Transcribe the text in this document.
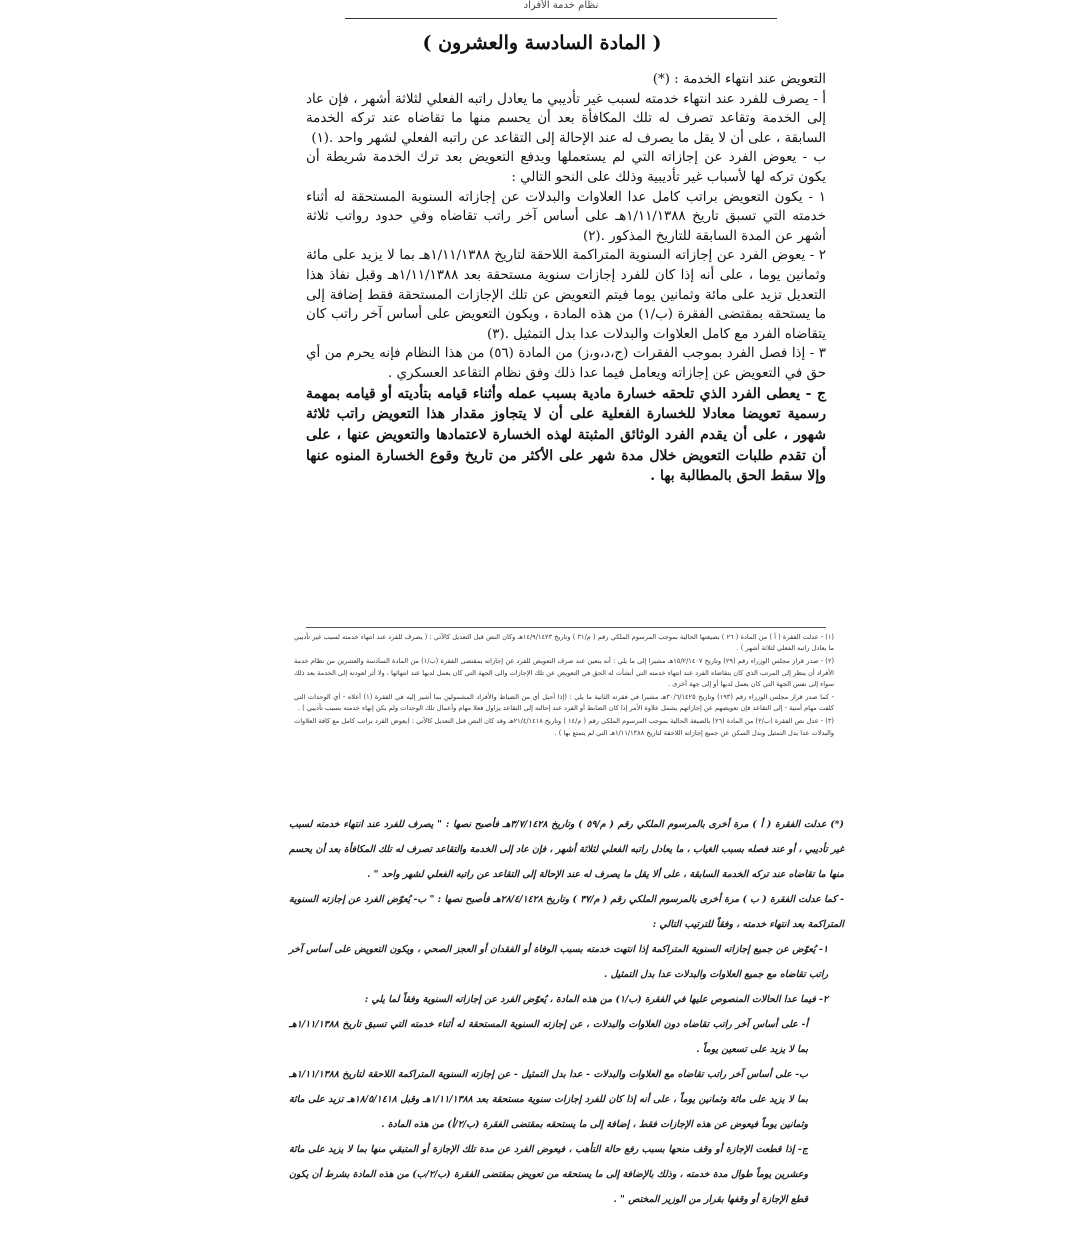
نظام خدمة الأفراد
( المادة السادسة والعشرون )

التعويض عند انتهاء الخدمة : (*)

أ - يصرف للفرد عند انتهاء خدمته لسبب غير تأديبي ما يعادل راتبه الفعلي لثلاثة أشهر ، فإن عاد إلى الخدمة وتقاعد تصرف له تلك المكافأة بعد أن يحسم منها ما تقاضاه عند تركه الخدمة السابقة ، على أن لا يقل ما يصرف له عند الإحالة إلى التقاعد عن راتبه الفعلي لشهر واحد .(١)

ب - يعوض الفرد عن إجازاته التي لم يستعملها ويدفع التعويض بعد ترك الخدمة شريطة أن يكون تركه لها لأسباب غير تأديبية وذلك على النحو التالي :

١ - يكون التعويض براتب كامل عدا العلاوات والبدلات عن إجازاته السنوية المستحقة له أثناء خدمته التي تسبق تاريخ ١/١١/١٣٨٨هـ على أساس آخر راتب تقاضاه وفي حدود رواتب ثلاثة أشهر عن المدة السابقة للتاريخ المذكور .(٢)

٢ - يعوض الفرد عن إجازاته السنوية المتراكمة اللاحقة لتاريخ ١/١١/١٣٨٨هـ بما لا يزيد على مائة وثمانين يوما ، على أنه إذا كان للفرد إجازات سنوية مستحقة بعد ١/١١/١٣٨٨هـ وقبل نفاذ هذا التعديل تزيد على مائة وثمانين يوما فيتم التعويض عن تلك الإجازات المستحقة فقط إضافة إلى ما يستحقه بمقتضى الفقرة (ب/١) من هذه المادة ، ويكون التعويض على أساس آخر راتب كان يتقاضاه الفرد مع كامل العلاوات والبدلات عدا بدل التمثيل .(٣)

٣ - إذا فصل الفرد بموجب الفقرات (ج،د،و،ز) من المادة (٥٦) من هذا النظام فإنه يحرم من أي حق في التعويض عن إجازاته ويعامل فيما عدا ذلك وفق نظام التقاعد العسكري .

ج - يعطى الفرد الذي تلحقه خسارة مادية بسبب عمله وأثناء قيامه بتأديته أو قيامه بمهمة رسمية تعويضا معادلا للخسارة الفعلية على أن لا يتجاوز مقدار هذا التعويض راتب ثلاثة شهور ، على أن يقدم الفرد الوثائق المثبتة لهذه الخسارة لاعتمادها والتعويض عنها ، على أن تقدم طلبات التعويض خلال مدة شهر على الأكثر من تاريخ وقوع الخسارة المنوه عنها وإلا سقط الحق بالمطالبة بها .

(١) - عدلت الفقرة ( أ ) من المادة ( ٢٦ ) بصيغتها الحالية بموجب المرسوم الملكي رقم ( م/٣١ ) وتاريخ ١٤/٩/١٤٢٣هـ وكان النص قبل التعديل كالآتي : ( يصرف للفرد عند انتهاء خدمته لسبب غير تأديبي ما يعادل راتبه الفعلي لثلاثة أشهر ) .

(٢) - صدر قرار مجلس الوزراء رقم (٢٩) وتاريخ ١٥/٢/١٤٠٧هـ مشيرا إلى ما يلي : أنه يتعين عند صرف التعويض للفرد عن إجازاته بمقتضى الفقرة (ب/١) من المادة السادسة والعشرين من نظام خدمة الأفراد أن ينظر إلى المرتب الذي كان يتقاضاه الفرد عند انتهاء خدمته التي أنشأت له الحق في التعويض عن تلك الإجازات والى الجهة التي كان يعمل لديها عند انتهائها ، ولا أثر لعودته إلى الخدمة بعد ذلك سواء إلى نفس الجهة التي كان يعمل لديها أو إلى جهة أخرى .

- كما صدر قرار مجلس الوزراء رقم (١٩٣) وتاريخ ٣٠/٦/١٤٢٥هـ مشيرا في فقرته الثانية ما يلي : (إذا أحيل أي من الضباط والأفراد المشمولين بما أشير إليه في الفقرة (١) أعلاه - أي الوحدات التي كلفت مهام أمنية - إلى التقاعد فإن تعويضهم عن إجازاتهم يشمل علاوة الأمر إذا كان الضابط أو الفرد عند إحالته إلى التقاعد يزاول فعلا مهام وأعمال تلك الوحدات ولم يكن إنهاء خدمته بسبب تأديبي ) .

(٣) - عدل نص الفقرة (ب/٢) من المادة (٢٦) بالصيغة الحالية بموجب المرسوم الملكي رقم ( م/١٤ ) وتاريخ ٢١/٤/١٤١٨هـ وقد كان النص قبل التعديل كالآتي : (يعوض الفرد براتب كامل مع كافة العلاوات والبدلات عدا بدل التمثيل وبدل السكن عن جميع إجازاته اللاحقة لتاريخ ١/١١/١٣٨٨هـ التي لم يتمتع بها ) .

(*) عدلت الفقرة ( أ ) مرة أخرى بالمرسوم الملكي رقم ( م/٥٩ ) وتاريخ ٣/٧/١٤٢٨هـ فأصبح نصها : " يصرف للفرد عند انتهاء خدمته لسبب غير تأديبي ، أو عند فصله بسبب الغياب ، ما يعادل راتبه الفعلي لثلاثة أشهر ، فإن عاد إلى الخدمة والتقاعد تصرف له تلك المكافأة بعد أن يحسم منها ما تقاضاه عند تركه الخدمة السابقة ، على ألا يقل ما يصرف له عند الإحالة إلى التقاعد عن راتبه الفعلي لشهر واحد " .

- كما عدلت الفقرة ( ب ) مرة أخرى بالمرسوم الملكي رقم ( م/٣٧ ) وتاريخ ٢٨/٤/١٤٢٨هـ فأصبح نصها : " ب- يُعوّض الفرد عن إجازته السنوية المتراكمة بعد انتهاء خدمته ، وفقاً للترتيب التالي :

١- يُعوّض عن جميع إجازاته السنوية المتراكمة إذا انتهت خدمته بسبب الوفاة أو الفقدان أو العجز الصحي ، ويكون التعويض على أساس آخر راتب تقاضاه مع جميع العلاوات والبدلات عدا بدل التمثيل .

٢- فيما عدا الحالات المنصوص عليها في الفقرة (ب/١) من هذه المادة ، يُعوّض الفرد عن إجازاته السنوية وفقاً لما يلي :

أ- على أساس آخر راتب تقاضاه دون العلاوات والبدلات ، عن إجازته السنوية المستحقة له أثناء خدمته التي تسبق تاريخ ١/١١/١٣٨٨هـ بما لا يزيد على تسعين يوماً .

ب- على أساس آخر راتب تقاضاه مع العلاوات والبدلات - عدا بدل التمثيل - عن إجازته السنوية المتراكمة اللاحقة لتاريخ ١/١١/١٣٨٨هـ بما لا يزيد على مائة وثمانين يوماً ، على أنه إذا كان للفرد إجازات سنوية مستحقة بعد ١/١١/١٣٨٨هـ وقبل ١٨/٥/١٤١٨هـ تزيد على مائة وثمانين يوماً فيعوض عن هذه الإجازات فقط ، إضافة إلى ما يستحقه بمقتضى الفقرة (ب/٢/أ) من هذه المادة .

ج- إذا قطعت الإجازة أو وقف منحها بسبب رفع حالة التأهب ، فيعوض الفرد عن مدة تلك الإجازة أو المتبقي منها بما لا يزيد على مائة وعشرين يوماً طوال مدة خدمته ، وذلك بالإضافة إلى ما يستحقه من تعويض بمقتضى الفقرة (ب/٢/ب) من هذه المادة بشرط أن يكون قطع الإجازة أو وقفها بقرار من الوزير المختص " .
